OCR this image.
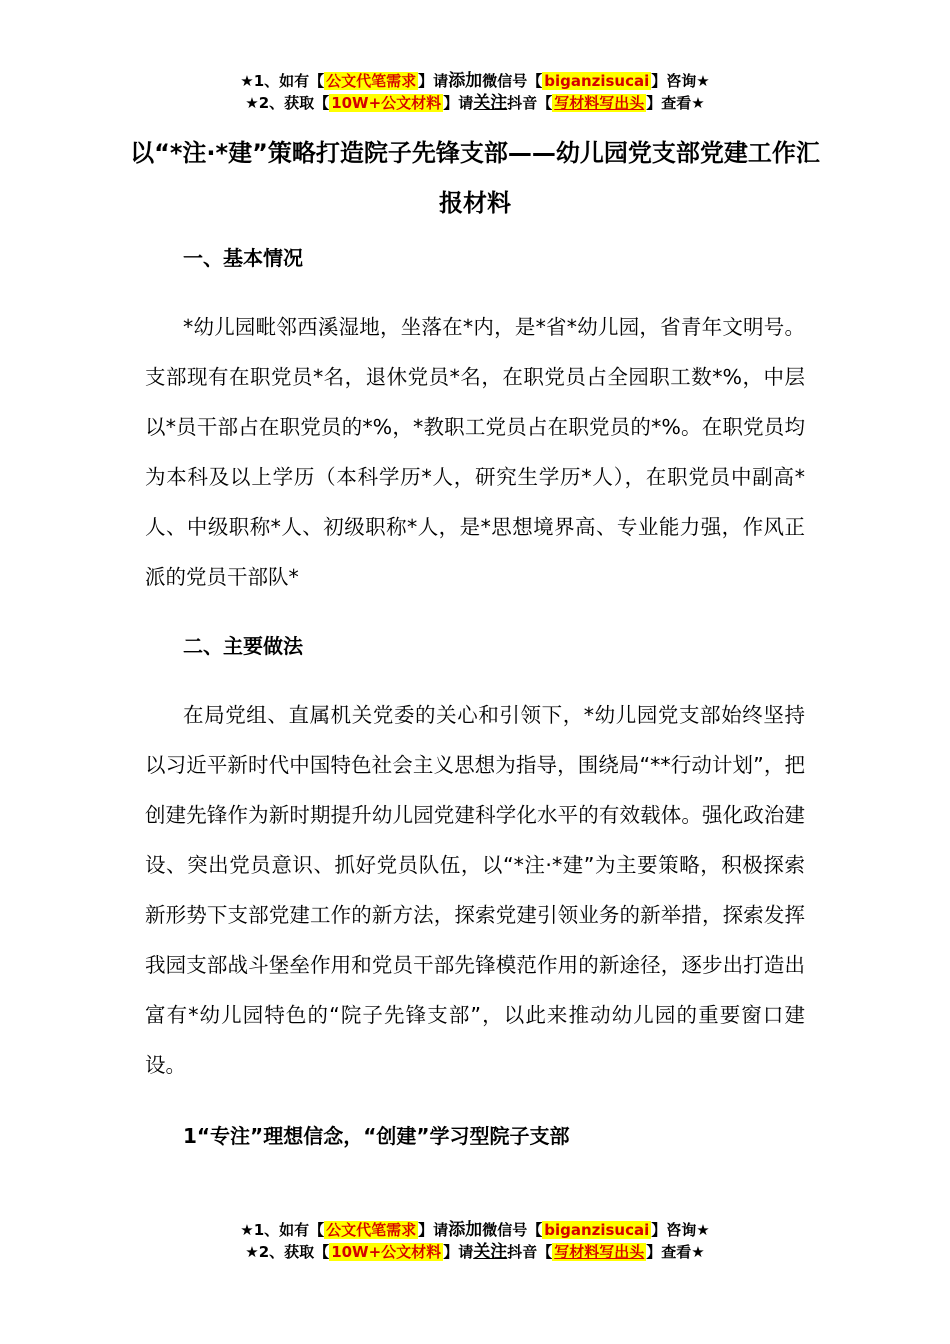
★1、如有【 公文代笔需求 】请添加微信号【 biganzisucai 】咨询★
★2、获取【 10W+公文材料 】请关注抖音【 写材料写出头 】查看★
以“*注·*建”策略打造院子先锋支部——幼儿园党支部党建工作汇报材料

一、基本情况

*幼儿园毗邻西溪湿地，坐落在*内，是*省*幼儿园，省青年文明号。支部现有在职党员*名，退休党员*名，在职党员占全园职工数*%，中层以*员干部占在职党员的*%，*教职工党员占在职党员的*%。在职党员均为本科及以上学历（本科学历*人，研究生学历*人），在职党员中副高*人、中级职称*人、初级职称*人，是*思想境界高、专业能力强，作风正派的党员干部队*

二、主要做法

在局党组、直属机关党委的关心和引领下，*幼儿园党支部始终坚持以习近平新时代中国特色社会主义思想为指导，围绕局“**行动计划”，把创建先锋作为新时期提升幼儿园党建科学化水平的有效载体。强化政治建设、突出党员意识、抓好党员队伍，以“*注·*建”为主要策略，积极探索新形势下支部党建工作的新方法，探索党建引领业务的新举措，探索发挥我园支部战斗堡垒作用和党员干部先锋模范作用的新途径，逐步出打造出富有*幼儿园特色的“院子先锋支部”，以此来推动幼儿园的重要窗口建设。

1“专注”理想信念，“创建”学习型院子支部

★1、如有【 公文代笔需求 】请添加微信号【 biganzisucai 】咨询★
★2、获取【 10W+公文材料 】请关注抖音【 写材料写出头 】查看★
